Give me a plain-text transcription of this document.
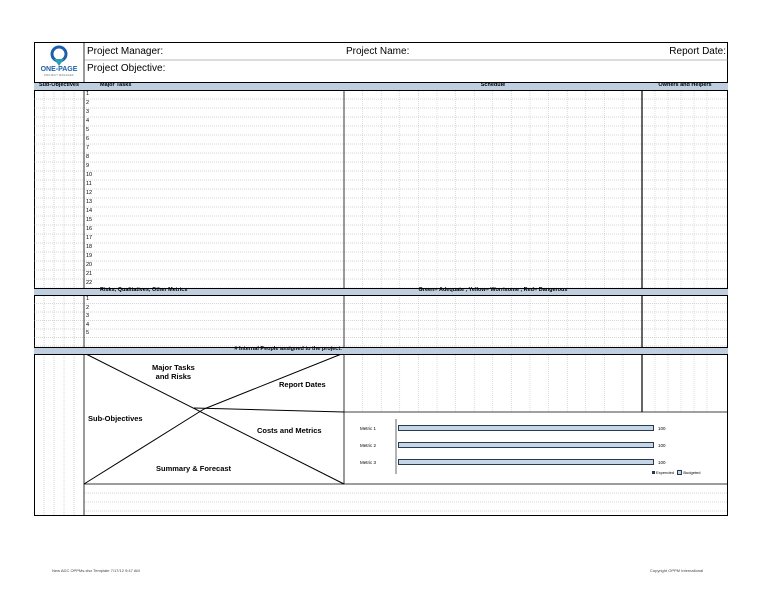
ONE-PAGE
PROJECT MANAGER
Project Manager:	Project Name:	Report Date:
Project Objective:
Sub-Objectives	Major Tasks	Schedule	Owners and Helpers
1
2
3
4
5
6
7
8
9
10
11
12
13
14
15
16
17
18
19
20
21
22
Risks, Qualitatives, Other Metrics	Green= Adequate , Yellow= Worrisome , Red= Dangerous
1
2
3
4
5
# Internal People assigned to the project:
Major Tasks
and Risks
Report Dates
Sub-Objectives
Costs and Metrics
Summary & Forecast
Metric 1	100
Metric 2	100
Metric 3	100
Expended Budgeted
New ADC OPPMs.xlsx Template 7/17/12 9:47 AM	Copyright OPPM International
